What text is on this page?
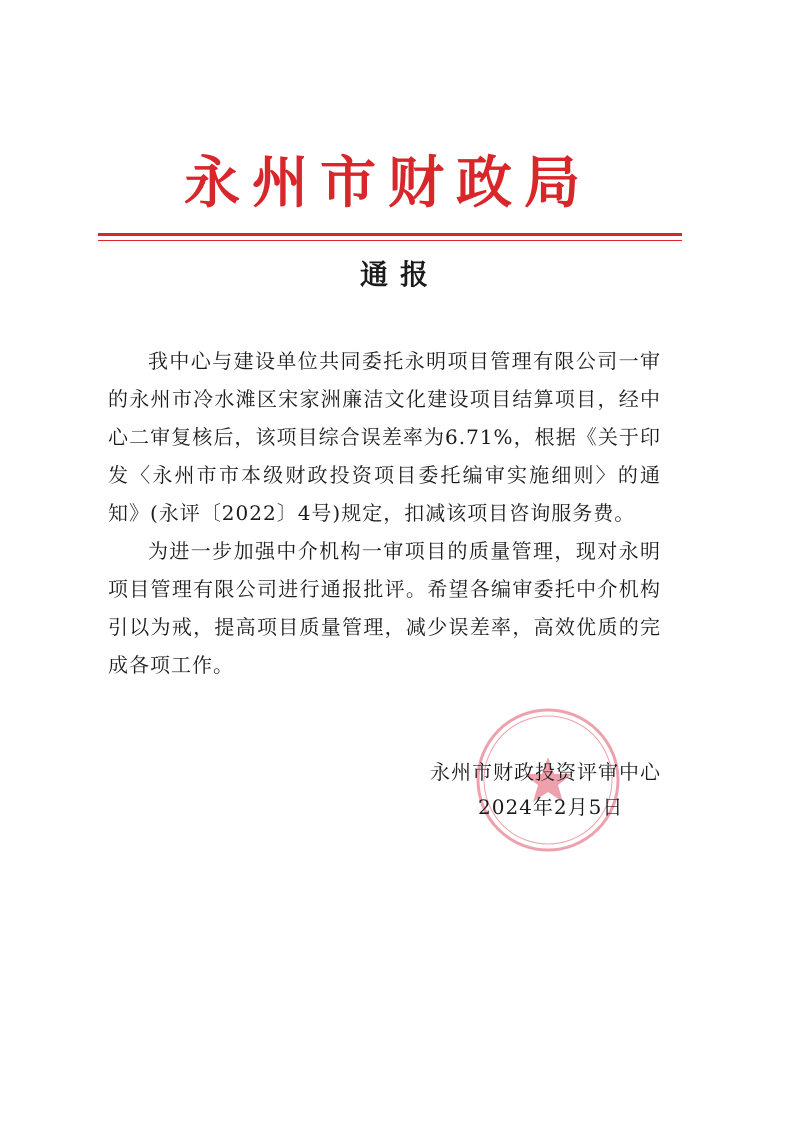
永州市财政局
通报

我中心与建设单位共同委托永明项目管理有限公司一审的永州市冷水滩区宋家洲廉洁文化建设项目结算项目，经中心二审复核后，该项目综合误差率为6.71%，根据《关于印发〈永州市市本级财政投资项目委托编审实施细则〉的通知》(永评〔2022〕4号)规定，扣减该项目咨询服务费。

为进一步加强中介机构一审项目的质量管理，现对永明项目管理有限公司进行通报批评。希望各编审委托中介机构引以为戒，提高项目质量管理，减少误差率，高效优质的完成各项工作。

永州市财政投资评审中心
2024年2月5日
